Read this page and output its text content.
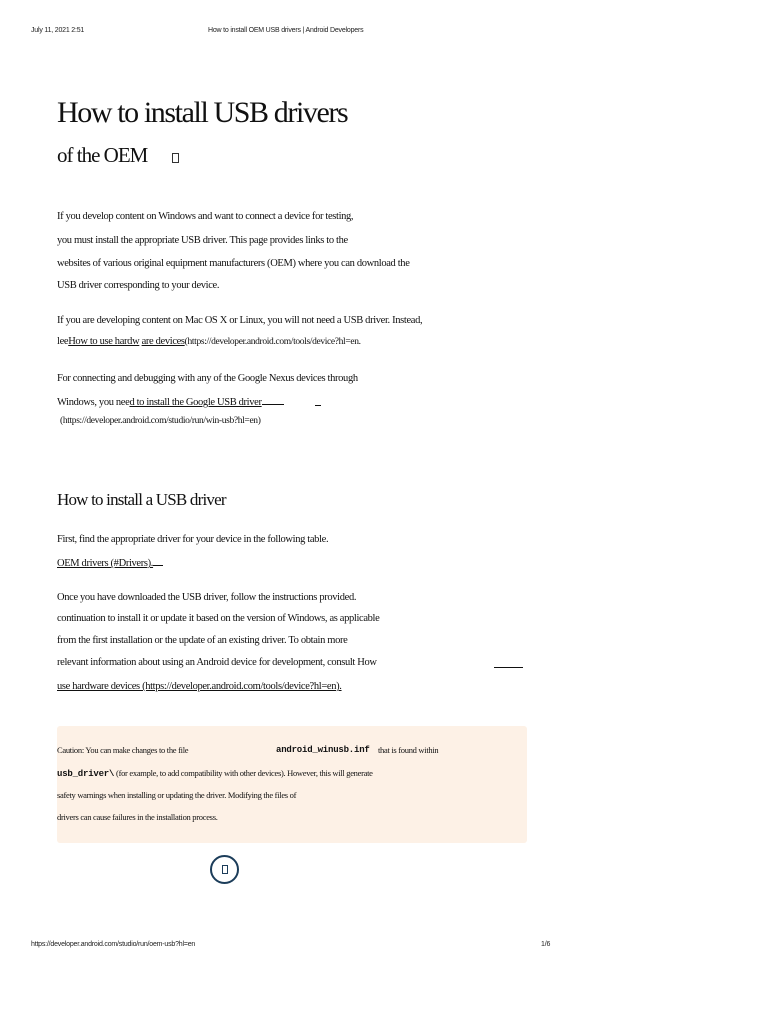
July 11, 2021 2:51	How to install OEM USB drivers | Android Developers
How to install USB drivers
of the OEM
If you develop content on Windows and want to connect a device for testing,
you must install the appropriate USB driver. This page provides links to the
websites of various original equipment manufacturers (OEM) where you can download the
USB driver corresponding to your device.
If you are developing content on Mac OS X or Linux, you will not need a USB driver. Instead,
leeHow to use hardw are devices(https://developer.android.com/tools/device?hl=en.
For connecting and debugging with any of the Google Nexus devices through
Windows, you need to install the Google USB driver
(https://developer.android.com/studio/run/win-usb?hl=en)
How to install a USB driver
First, find the appropriate driver for your device in the following table.
OEM drivers (#Drivers).
Once you have downloaded the USB driver, follow the instructions provided.
continuation to install it or update it based on the version of Windows, as applicable
from the first installation or the update of an existing driver. To obtain more
relevant information about using an Android device for development, consult How
use hardware devices (https://developer.android.com/tools/device?hl=en).
Caution: You can make changes to the file	android_winusb.inf that is found within
usb_driver\ (for example, to add compatibility with other devices). However, this will generate
safety warnings when installing or updating the driver. Modifying the files of
drivers can cause failures in the installation process.
https://developer.android.com/studio/run/oem-usb?hl=en	1/6
